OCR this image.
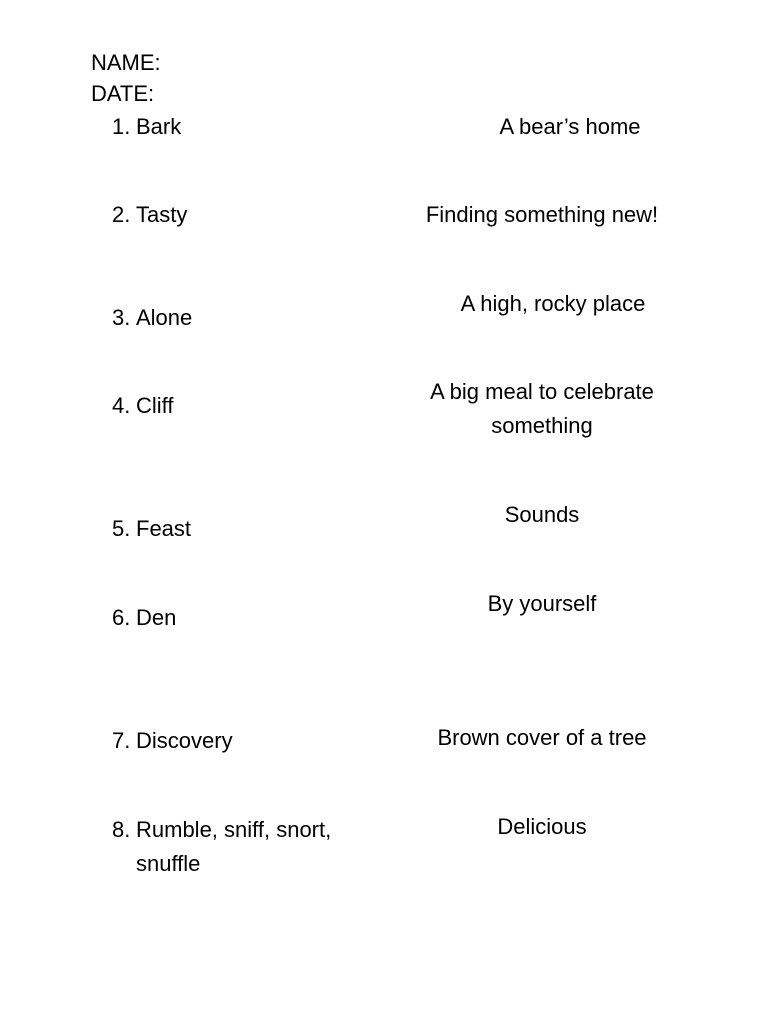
NAME:
DATE:
1. Bark
2. Tasty
3. Alone
4. Cliff
5. Feast
6. Den
7. Discovery
8. Rumble, sniff, snort, snuffle
A bear’s home
Finding something new!
A high, rocky place
A big meal to celebrate something
Sounds
By yourself
Brown cover of a tree
Delicious
